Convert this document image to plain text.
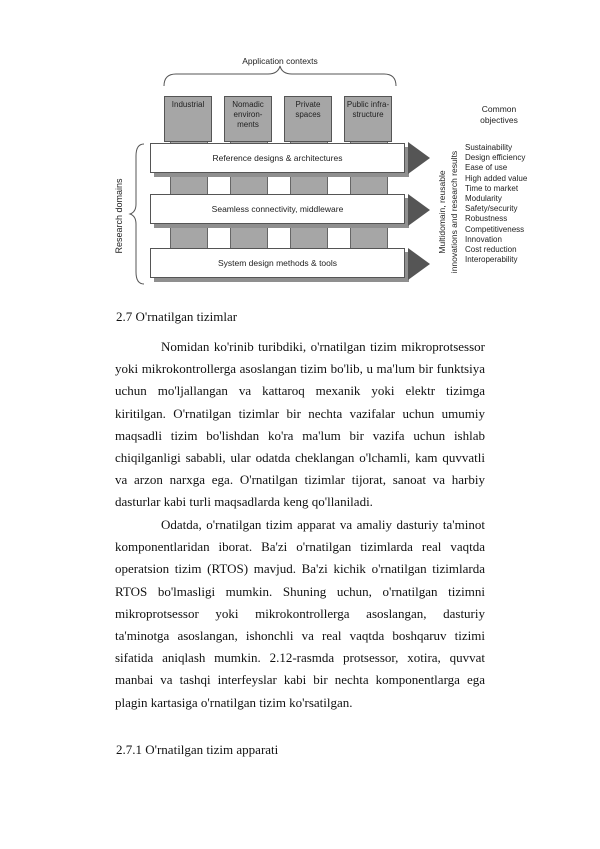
Application contexts
Industrial	Nomadic environ-ments
Private spaces
Public infra-structure
Reference designs & architectures
Seamless connectivity, middleware
System design methods & tools
Research domains	Multidomain, reusable innovations and research results
Common objectives
Sustainability
Design efficiency
Ease of use
High added value
Time to market
Modularity
Safety/security
Robustness
Competitiveness
Innovation
Cost reduction
Interoperability
2.7 O'rnatilgan tizimlar

Nomidan ko'rinib turibdiki, o'rnatilgan tizim mikroprotsessor yoki mikrokontrollerga asoslangan tizim bo'lib, u ma'lum bir funktsiya uchun mo'ljallangan va kattaroq mexanik yoki elektr tizimga kiritilgan. O'rnatilgan tizimlar bir nechta vazifalar uchun umumiy maqsadli tizim bo'lishdan ko'ra ma'lum bir vazifa uchun ishlab chiqilganligi sababli, ular odatda cheklangan o'lchamli, kam quvvatli va arzon narxga ega. O'rnatilgan tizimlar tijorat, sanoat va harbiy dasturlar kabi turli maqsadlarda keng qo'llaniladi.

Odatda, o'rnatilgan tizim apparat va amaliy dasturiy ta'minot komponentlaridan iborat. Ba'zi o'rnatilgan tizimlarda real vaqtda operatsion tizim (RTOS) mavjud. Ba'zi kichik o'rnatilgan tizimlarda RTOS bo'lmasligi mumkin. Shuning uchun, o'rnatilgan tizimni mikroprotsessor yoki mikrokontrollerga asoslangan, dasturiy ta'minotga asoslangan, ishonchli va real vaqtda boshqaruv tizimi sifatida aniqlash mumkin. 2.12-rasmda protsessor, xotira, quvvat manbai va tashqi interfeyslar kabi bir nechta komponentlarga ega plagin kartasiga o'rnatilgan tizim ko'rsatilgan.

2.7.1 O'rnatilgan tizim apparati
